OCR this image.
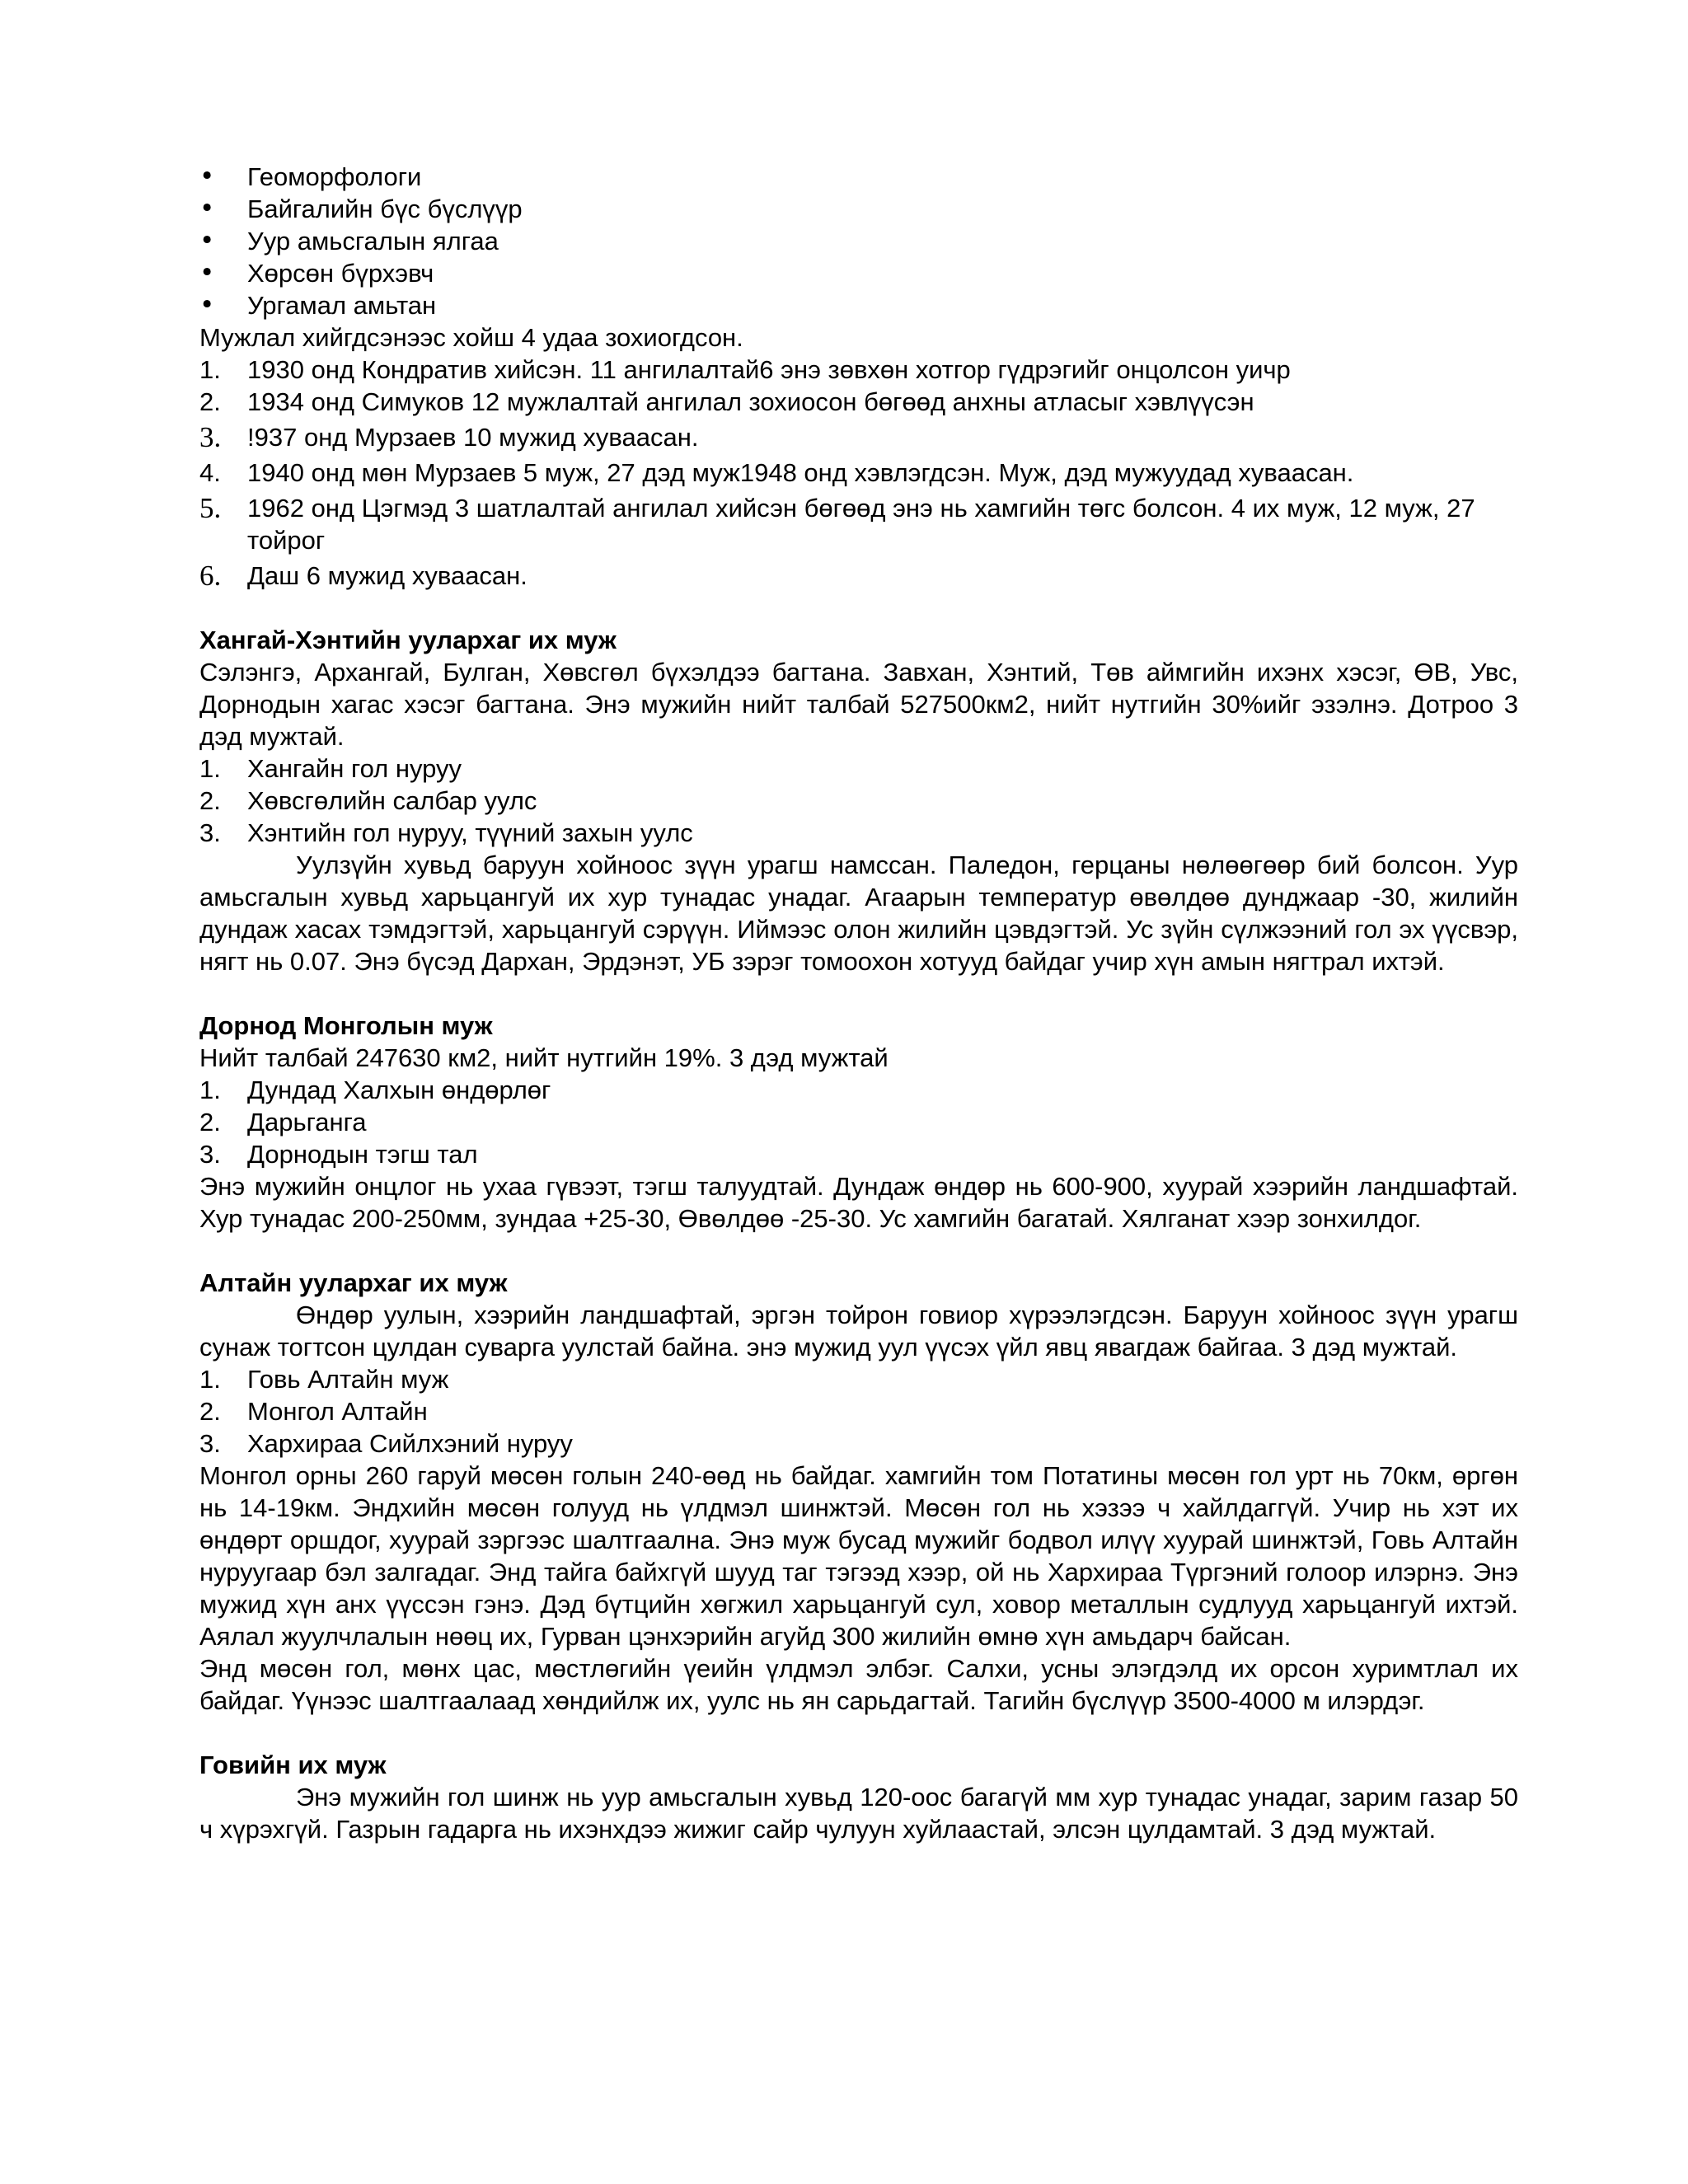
• Геоморфологи
• Байгалийн бүс бүслүүр
• Уур амьсгалын ялгаа
• Хөрсөн бүрхэвч
• Ургамал амьтан

Мужлал хийгдсэнээс хойш 4 удаа зохиогдсон.

1. 1930 онд Кондратив хийсэн. 11 ангилалтай6 энэ зөвхөн хотгор гүдрэгийг онцолсон уичр
2. 1934 онд Симуков 12 мужлалтай ангилал зохиосон бөгөөд анхны атласыг хэвлүүсэн
3. !937 онд Мурзаев 10 мужид хуваасан.
4. 1940 онд мөн Мурзаев 5 муж, 27 дэд муж1948 онд хэвлэгдсэн. Муж, дэд мужуудад хуваасан.
5. 1962 онд Цэгмэд 3 шатлалтай ангилал хийсэн бөгөөд энэ нь хамгийн төгс болсон. 4 их муж, 12 муж, 27 тойрог
6. Даш 6 мужид хуваасан.

Хангай-Хэнтийн уулархаг их муж

Сэлэнгэ, Архангай, Булган, Хөвсгөл бүхэлдээ багтана. Завхан, Хэнтий, Төв аймгийн ихэнх хэсэг, ӨВ, Увс, Дорнодын хагас хэсэг багтана. Энэ мужийн нийт талбай 527500км2, нийт нутгийн 30%ийг эзэлнэ. Дотроо 3 дэд мужтай.

1. Хангайн гол нуруу
2. Хөвсгөлийн салбар уулс
3. Хэнтийн гол нуруу, түүний захын уулс

Уулзүйн хувьд баруун хойноос зүүн урагш намссан. Паледон, герцаны нөлөөгөөр бий болсон. Уур амьсгалын хувьд харьцангуй их хур тунадас унадаг. Агаарын температур өвөлдөө дунджаар -30, жилийн дундаж хасах тэмдэгтэй, харьцангуй сэрүүн. Иймээс олон жилийн цэвдэгтэй. Ус зүйн сүлжээний гол эх үүсвэр, нягт нь 0.07. Энэ бүсэд Дархан, Эрдэнэт, УБ зэрэг томоохон хотууд байдаг учир хүн амын нягтрал ихтэй.

Дорнод Монголын муж

Нийт талбай 247630 км2, нийт нутгийн 19%. 3 дэд мужтай

1. Дундад Халхын өндөрлөг
2. Дарьганга
3. Дорнодын тэгш тал

Энэ мужийн онцлог нь ухаа гүвээт, тэгш талуудтай. Дундаж өндөр нь 600-900, хуурай хээрийн ландшафтай. Хур тунадас 200-250мм, зундаа +25-30, Өвөлдөө -25-30. Ус хамгийн багатай. Хялганат хээр зонхилдог.

Алтайн уулархаг их муж

Өндөр уулын, хээрийн ландшафтай, эргэн тойрон говиор хүрээлэгдсэн. Баруун хойноос зүүн урагш сунаж тогтсон цулдан суварга уулстай байна. энэ мужид уул үүсэх үйл явц явагдаж байгаа. 3 дэд мужтай.

1. Говь Алтайн муж
2. Монгол Алтайн
3. Хархираа Сийлхэний нуруу

Монгол орны 260 гаруй мөсөн голын 240-өөд нь байдаг. хамгийн том Потатины мөсөн гол урт нь 70км, өргөн нь 14-19км. Эндхийн мөсөн голууд нь үлдмэл шинжтэй. Мөсөн гол нь хэзээ ч хайлдаггүй. Учир нь хэт их өндөрт оршдог, хуурай зэргээс шалтгаална. Энэ муж бусад мужийг бодвол илүү хуурай шинжтэй, Говь Алтайн нуруугаар бэл залгадаг. Энд тайга байхгүй шууд таг тэгээд хээр, ой нь Хархираа Түргэний голоор илэрнэ. Энэ мужид хүн анх үүссэн гэнэ. Дэд бүтцийн хөгжил харьцангуй сул, ховор металлын судлууд харьцангуй ихтэй. Аялал жуулчлалын нөөц их, Гурван цэнхэрийн агуйд 300 жилийн өмнө хүн амьдарч байсан.

Энд мөсөн гол, мөнх цас, мөстлөгийн үеийн үлдмэл элбэг. Салхи, усны элэгдэлд их орсон хуримтлал их байдаг. Үүнээс шалтгаалаад хөндийлж их, уулс нь ян сарьдагтай. Тагийн бүслүүр 3500-4000 м илэрдэг.

Говийн их муж

Энэ мужийн гол шинж нь уур амьсгалын хувьд 120-оос багагүй мм хур тунадас унадаг, зарим газар 50 ч хүрэхгүй. Газрын гадарга нь ихэнхдээ жижиг сайр чулуун хуйлаастай, элсэн цулдамтай. 3 дэд мужтай.
